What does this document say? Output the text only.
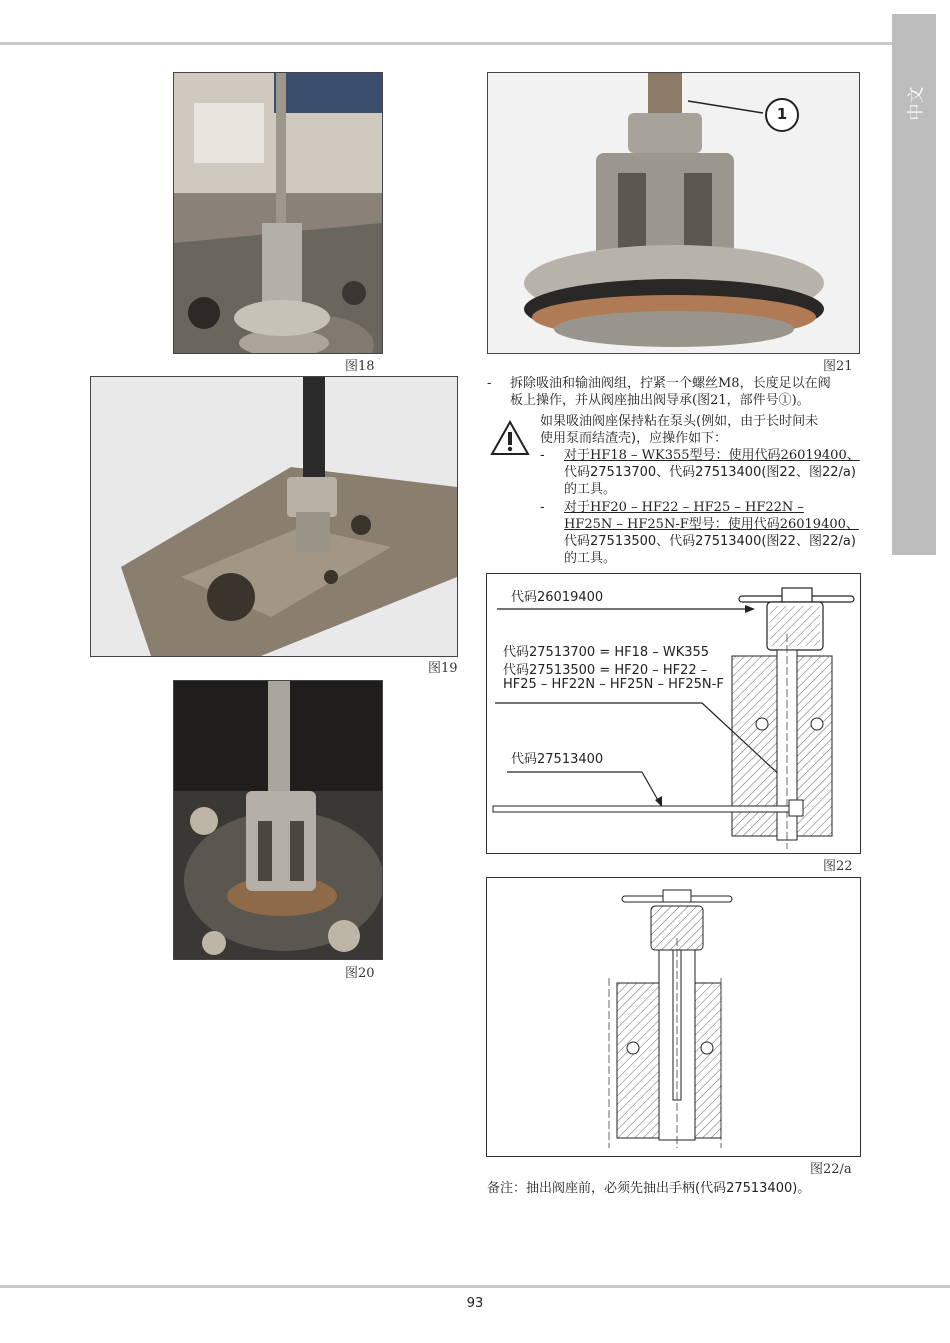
中文
图18
1
图21
- 拆除吸油和输油阀组，拧紧一个螺丝M8，长度足以在阀
板上操作，并从阀座抽出阀导承(图21，部件号①)。
如果吸油阀座保持粘在泵头(例如，由于长时间未
使用泵而结渣壳)，应操作如下：
- 对于HF18 – WK355型号：使用代码26019400、
代码27513700、代码27513400(图22、图22/a)
的工具。
- 对于HF20 – HF22 – HF25 – HF22N –
HF25N – HF25N-F型号：使用代码26019400、
代码27513500、代码27513400(图22、图22/a)
的工具。
图19
图20
代码26019400
代码27513700 = HF18 – WK355
代码27513500 = HF20 – HF22 –
HF25 – HF22N – HF25N – HF25N-F
代码27513400
图22
图22/a
备注：抽出阀座前，必须先抽出手柄(代码27513400)。
93
